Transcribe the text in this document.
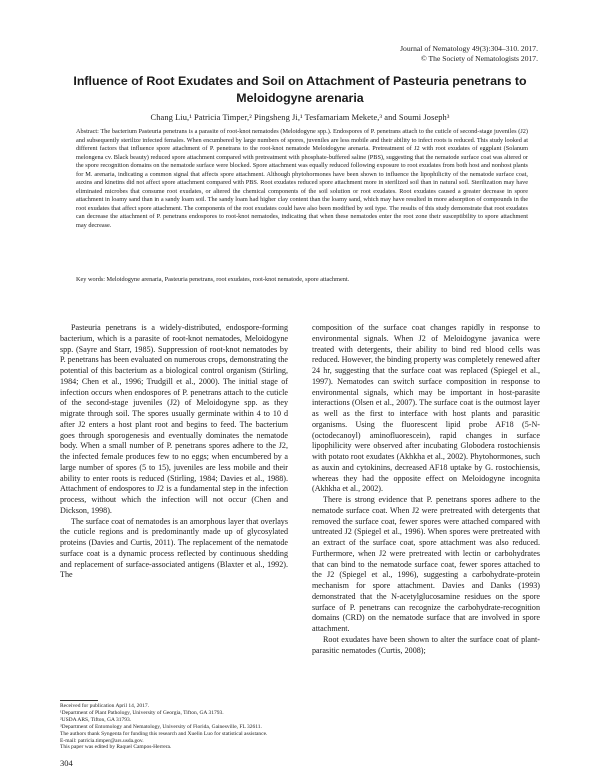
Journal of Nematology 49(3):304–310. 2017.
© The Society of Nematologists 2017.
Influence of Root Exudates and Soil on Attachment of Pasteuria penetrans to Meloidogyne arenaria
Chang Liu,¹ Patricia Timper,² Pingsheng Ji,¹ Tesfamariam Mekete,³ and Soumi Joseph³
Abstract: The bacterium Pasteuria penetrans is a parasite of root-knot nematodes (Meloidogyne spp.). Endospores of P. penetrans attach to the cuticle of second-stage juveniles (J2) and subsequently sterilize infected females. When encumbered by large numbers of spores, juveniles are less mobile and their ability to infect roots is reduced. This study looked at different factors that influence spore attachment of P. penetrans to the root-knot nematode Meloidogyne arenaria. Pretreatment of J2 with root exudates of eggplant (Solanum melongena cv. Black beauty) reduced spore attachment compared with pretreatment with phosphate-buffered saline (PBS), suggesting that the nematode surface coat was altered or the spore recognition domains on the nematode surface were blocked. Spore attachment was equally reduced following exposure to root exudates from both host and nonhost plants for M. arenaria, indicating a common signal that affects spore attachment. Although phytohormones have been shown to influence the lipophilicity of the nematode surface coat, auxins and kinetins did not affect spore attachment compared with PBS. Root exudates reduced spore attachment more in sterilized soil than in natural soil. Sterilization may have eliminated microbes that consume root exudates, or altered the chemical components of the soil solution or root exudates. Root exudates caused a greater decrease in spore attachment in loamy sand than in a sandy loam soil. The sandy loam had higher clay content than the loamy sand, which may have resulted in more adsorption of compounds in the root exudates that affect spore attachment. The components of the root exudates could have also been modified by soil type. The results of this study demonstrate that root exudates can decrease the attachment of P. penetrans endospores to root-knot nematodes, indicating that when these nematodes enter the root zone their susceptibility to spore attachment may decrease.
Key words: Meloidogyne arenaria, Pasteuria penetrans, root exudates, root-knot nematode, spore attachment.

Pasteuria penetrans is a widely-distributed, endospore-forming bacterium, which is a parasite of root-knot nematodes, Meloidogyne spp. (Sayre and Starr, 1985). Suppression of root-knot nematodes by P. penetrans has been evaluated on numerous crops, demonstrating the potential of this bacterium as a biological control organism (Stirling, 1984; Chen et al., 1996; Trudgill et al., 2000). The initial stage of infection occurs when endospores of P. penetrans attach to the cuticle of the second-stage juveniles (J2) of Meloidogyne spp. as they migrate through soil. The spores usually germinate within 4 to 10 d after J2 enters a host plant root and begins to feed. The bacterium goes through sporogenesis and eventually dominates the nematode body. When a small number of P. penetrans spores adhere to the J2, the infected female produces few to no eggs; when encumbered by a large number of spores (5 to 15), juveniles are less mobile and their ability to enter roots is reduced (Stirling, 1984; Davies et al., 1988). Attachment of endospores to J2 is a fundamental step in the infection process, without which the infection will not occur (Chen and Dickson, 1998).

The surface coat of nematodes is an amorphous layer that overlays the cuticle regions and is predominantly made up of glycosylated proteins (Davies and Curtis, 2011). The replacement of the nematode surface coat is a dynamic process reflected by continuous shedding and replacement of surface-associated antigens (Blaxter et al., 1992). The

composition of the surface coat changes rapidly in response to environmental signals. When J2 of Meloidogyne javanica were treated with detergents, their ability to bind red blood cells was reduced. However, the binding property was completely renewed after 24 hr, suggesting that the surface coat was replaced (Spiegel et al., 1997). Nematodes can switch surface composition in response to environmental signals, which may be important in host-parasite interactions (Olsen et al., 2007). The surface coat is the outmost layer as well as the first to interface with host plants and parasitic organisms. Using the fluorescent lipid probe AF18 (5-N-(octodecanoyl) aminofluorescein), rapid changes in surface lipophilicity were observed after incubating Globodera rostochiensis with potato root exudates (Akhkha et al., 2002). Phytohormones, such as auxin and cytokinins, decreased AF18 uptake by G. rostochiensis, whereas they had the opposite effect on Meloidogyne incognita (Akhkha et al., 2002).

There is strong evidence that P. penetrans spores adhere to the nematode surface coat. When J2 were pretreated with detergents that removed the surface coat, fewer spores were attached compared with untreated J2 (Spiegel et al., 1996). When spores were pretreated with an extract of the surface coat, spore attachment was also reduced. Furthermore, when J2 were pretreated with lectin or carbohydrates that can bind to the nematode surface coat, fewer spores attached to the J2 (Spiegel et al., 1996), suggesting a carbohydrate-protein mechanism for spore attachment. Davies and Danks (1993) demonstrated that the N-acetylglucosamine residues on the spore surface of P. penetrans can recognize the carbohydrate-recognition domains (CRD) on the nematode surface that are involved in spore attachment.

Root exudates have been shown to alter the surface coat of plant-parasitic nematodes (Curtis, 2008);

Received for publication April 14, 2017.
¹Department of Plant Pathology, University of Georgia, Tifton, GA 31793.
²USDA ARS, Tifton, GA 31793.
³Department of Entomology and Nematology, University of Florida, Gainesville, FL 32611.
The authors thank Syngenta for funding this research and Xuelin Luo for statistical assistance.
E-mail: patricia.timper@ars.usda.gov.
This paper was edited by Raquel Campos-Herrera.
304
